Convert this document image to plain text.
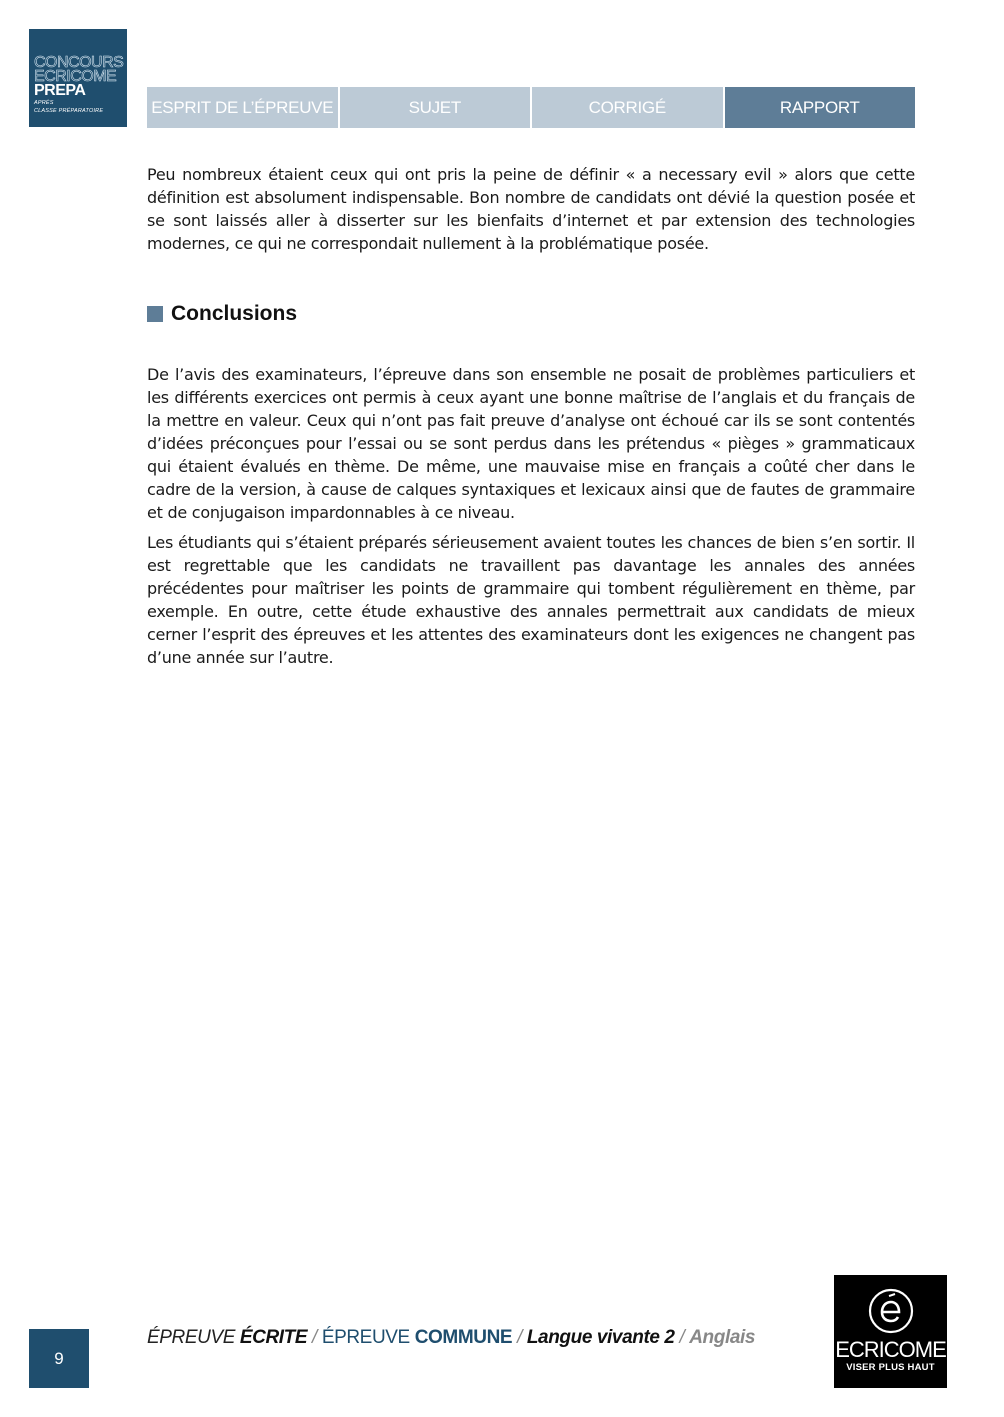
CONCOURS
ECRICOME
PREPA
APRÈS
CLASSE PRÉPARATOIRE	ESPRIT DE L’ÉPREUVE	SUJET	CORRIGÉ	RAPPORT

Peu nombreux étaient ceux qui ont pris la peine de définir « a necessary evil » alors que cette définition est absolument indispensable. Bon nombre de candidats ont dévié la question posée et se sont laissés aller à disserter sur les bienfaits d’internet et par extension des technologies modernes, ce qui ne correspondait nullement à la problématique posée.

Conclusions

De l’avis des examinateurs, l’épreuve dans son ensemble ne posait de problèmes particuliers et les différents exercices ont permis à ceux ayant une bonne maîtrise de l’anglais et du français de la mettre en valeur. Ceux qui n’ont pas fait preuve d’analyse ont échoué car ils se sont contentés d’idées préconçues pour l’essai ou se sont perdus dans les prétendus « pièges » grammaticaux qui étaient évalués en thème. De même, une mauvaise mise en français a coûté cher dans le cadre de la version, à cause de calques syntaxiques et lexicaux ainsi que de fautes de grammaire et de conjugaison impardonnables à ce niveau.

Les étudiants qui s’étaient préparés sérieusement avaient toutes les chances de bien s’en sortir. Il est regrettable que les candidats ne travaillent pas davantage les annales des années précédentes pour maîtriser les points de grammaire qui tombent régulièrement en thème, par exemple. En outre, cette étude exhaustive des annales permettrait aux candidats de mieux cerner l’esprit des épreuves et les attentes des examinateurs dont les exigences ne changent pas d’une année sur l’autre.

9
ÉPREUVE ÉCRITE / ÉPREUVE COMMUNE / Langue vivante 2 / Anglais	ECRICOME
VISER PLUS HAUT
